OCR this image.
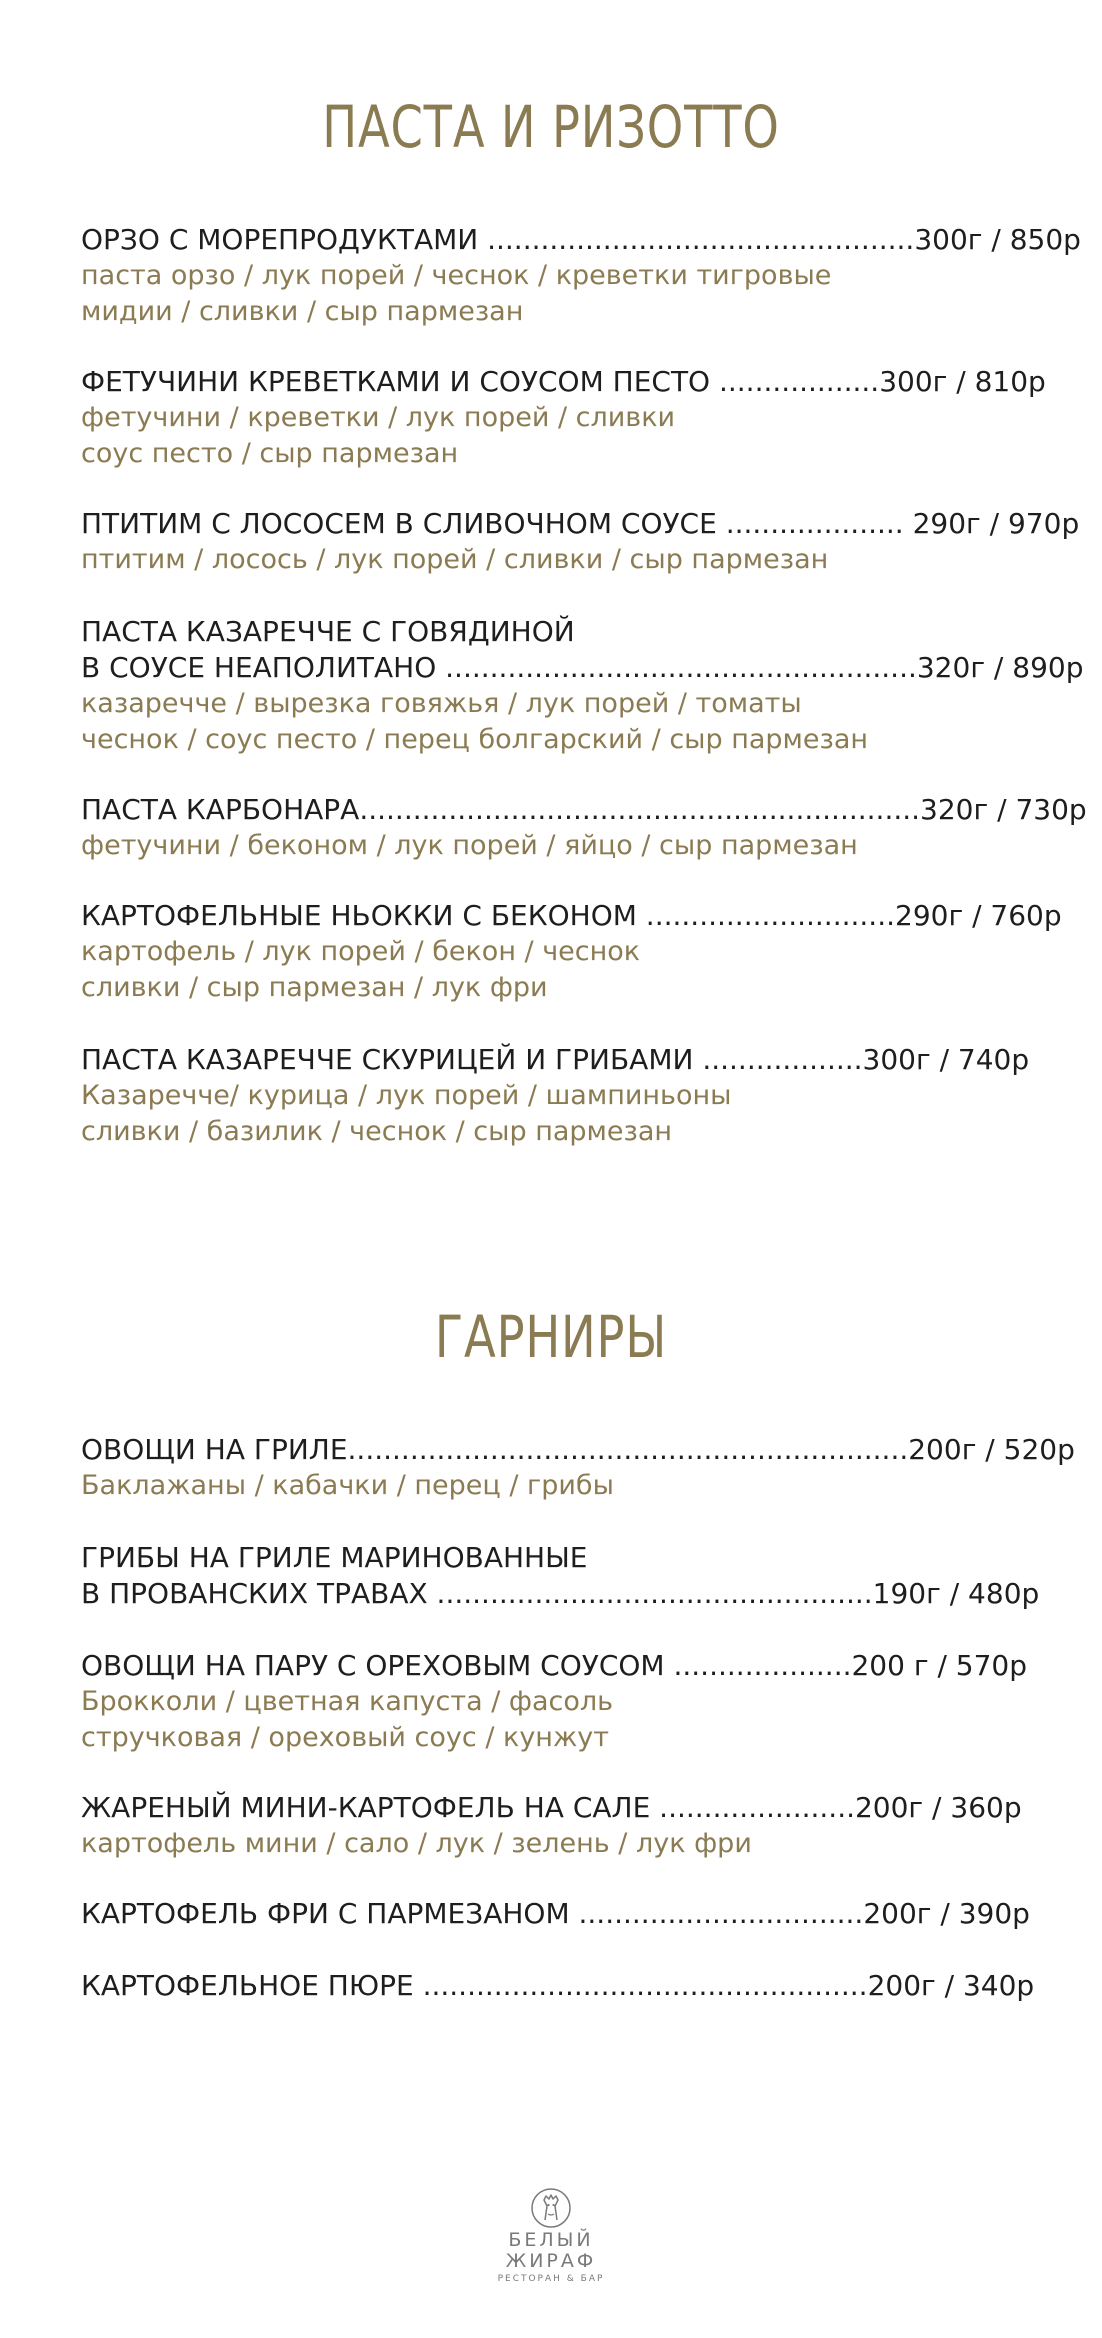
ПАСТА И РИЗОТТО

ОРЗО С МОРЕПРОДУКТАМИ ................................................300г / 850р

паста орзо / лук порей / чеснок / креветки тигровые

мидии / сливки / сыр пармезан

ФЕТУЧИНИ КРЕВЕТКАМИ И СОУСОМ ПЕСТО ..................300г / 810р

фетучини / креветки / лук порей / сливки

соус песто / сыр пармезан

ПТИТИМ С ЛОСОСЕМ В СЛИВОЧНОМ СОУСЕ .................... 290г / 970р

птитим / лосось / лук порей / сливки / сыр пармезан

ПАСТА КАЗАРЕЧЧЕ С ГОВЯДИНОЙ

В СОУСЕ НЕАПОЛИТАНО .....................................................320г / 890р

казаречче / вырезка говяжья / лук порей / томаты

чеснок / соус песто / перец болгарский / сыр пармезан

ПАСТА КАРБОНАРА...............................................................320г / 730р

фетучини / беконом / лук порей / яйцо / сыр пармезан

КАРТОФЕЛЬНЫЕ НЬОККИ С БЕКОНОМ ............................290г / 760р

картофель / лук порей / бекон / чеснок

сливки / сыр пармезан / лук фри

ПАСТА КАЗАРЕЧЧЕ СКУРИЦЕЙ И ГРИБАМИ ..................300г / 740р

Казаречче/ курица / лук порей / шампиньоны

сливки / базилик / чеснок / сыр пармезан

ГАРНИРЫ

ОВОЩИ НА ГРИЛЕ...............................................................200г / 520р

Баклажаны / кабачки / перец / грибы

ГРИБЫ НА ГРИЛЕ МАРИНОВАННЫЕ

В ПРОВАНСКИХ ТРАВАХ .................................................190г / 480р

ОВОЩИ НА ПАРУ С ОРЕХОВЫМ СОУСОМ ....................200 г / 570р

Брокколи / цветная капуста / фасоль

стручковая / ореховый соус / кунжут

ЖАРЕНЫЙ МИНИ-КАРТОФЕЛЬ НА САЛЕ ......................200г / 360р

картофель мини / сало / лук / зелень / лук фри

КАРТОФЕЛЬ ФРИ С ПАРМЕЗАНОМ ................................200г / 390р

КАРТОФЕЛЬНОЕ ПЮРЕ ..................................................200г / 340р

БЕЛЫЙ
ЖИРАФ
РЕСТОРАН & БАР
